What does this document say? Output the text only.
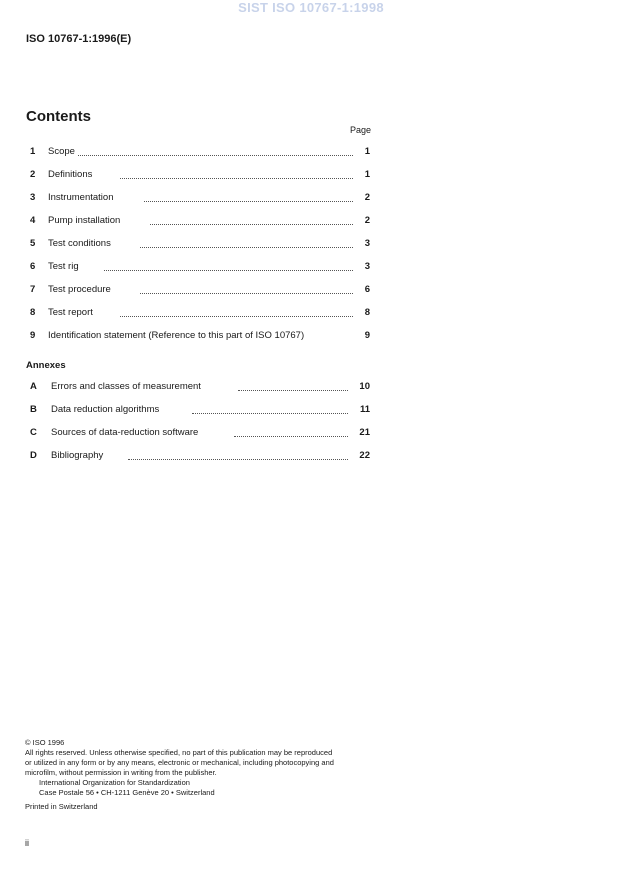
SIST ISO 10767-1:1998
ISO 10767-1:1996(E)
Contents
Page
1 Scope	1
2 Definitions	1
3 Instrumentation	2
4 Pump installation	2
5 Test conditions	3
6 Test rig	3
7 Test procedure	6
8 Test report	8
9 Identification statement (Reference to this part of ISO 10767)	9
Annexes
A Errors and classes of measurement	10
B Data reduction algorithms	11
C Sources of data-reduction software	21
D Bibliography	22

© ISO 1996

All rights reserved. Unless otherwise specified, no part of this publication may be reproduced

or utilized in any form or by any means, electronic or mechanical, including photocopying and

microfilm, without permission in writing from the publisher.

International Organization for Standardization

Case Postale 56 • CH-1211 Genève 20 • Switzerland

Printed in Switzerland

ii
